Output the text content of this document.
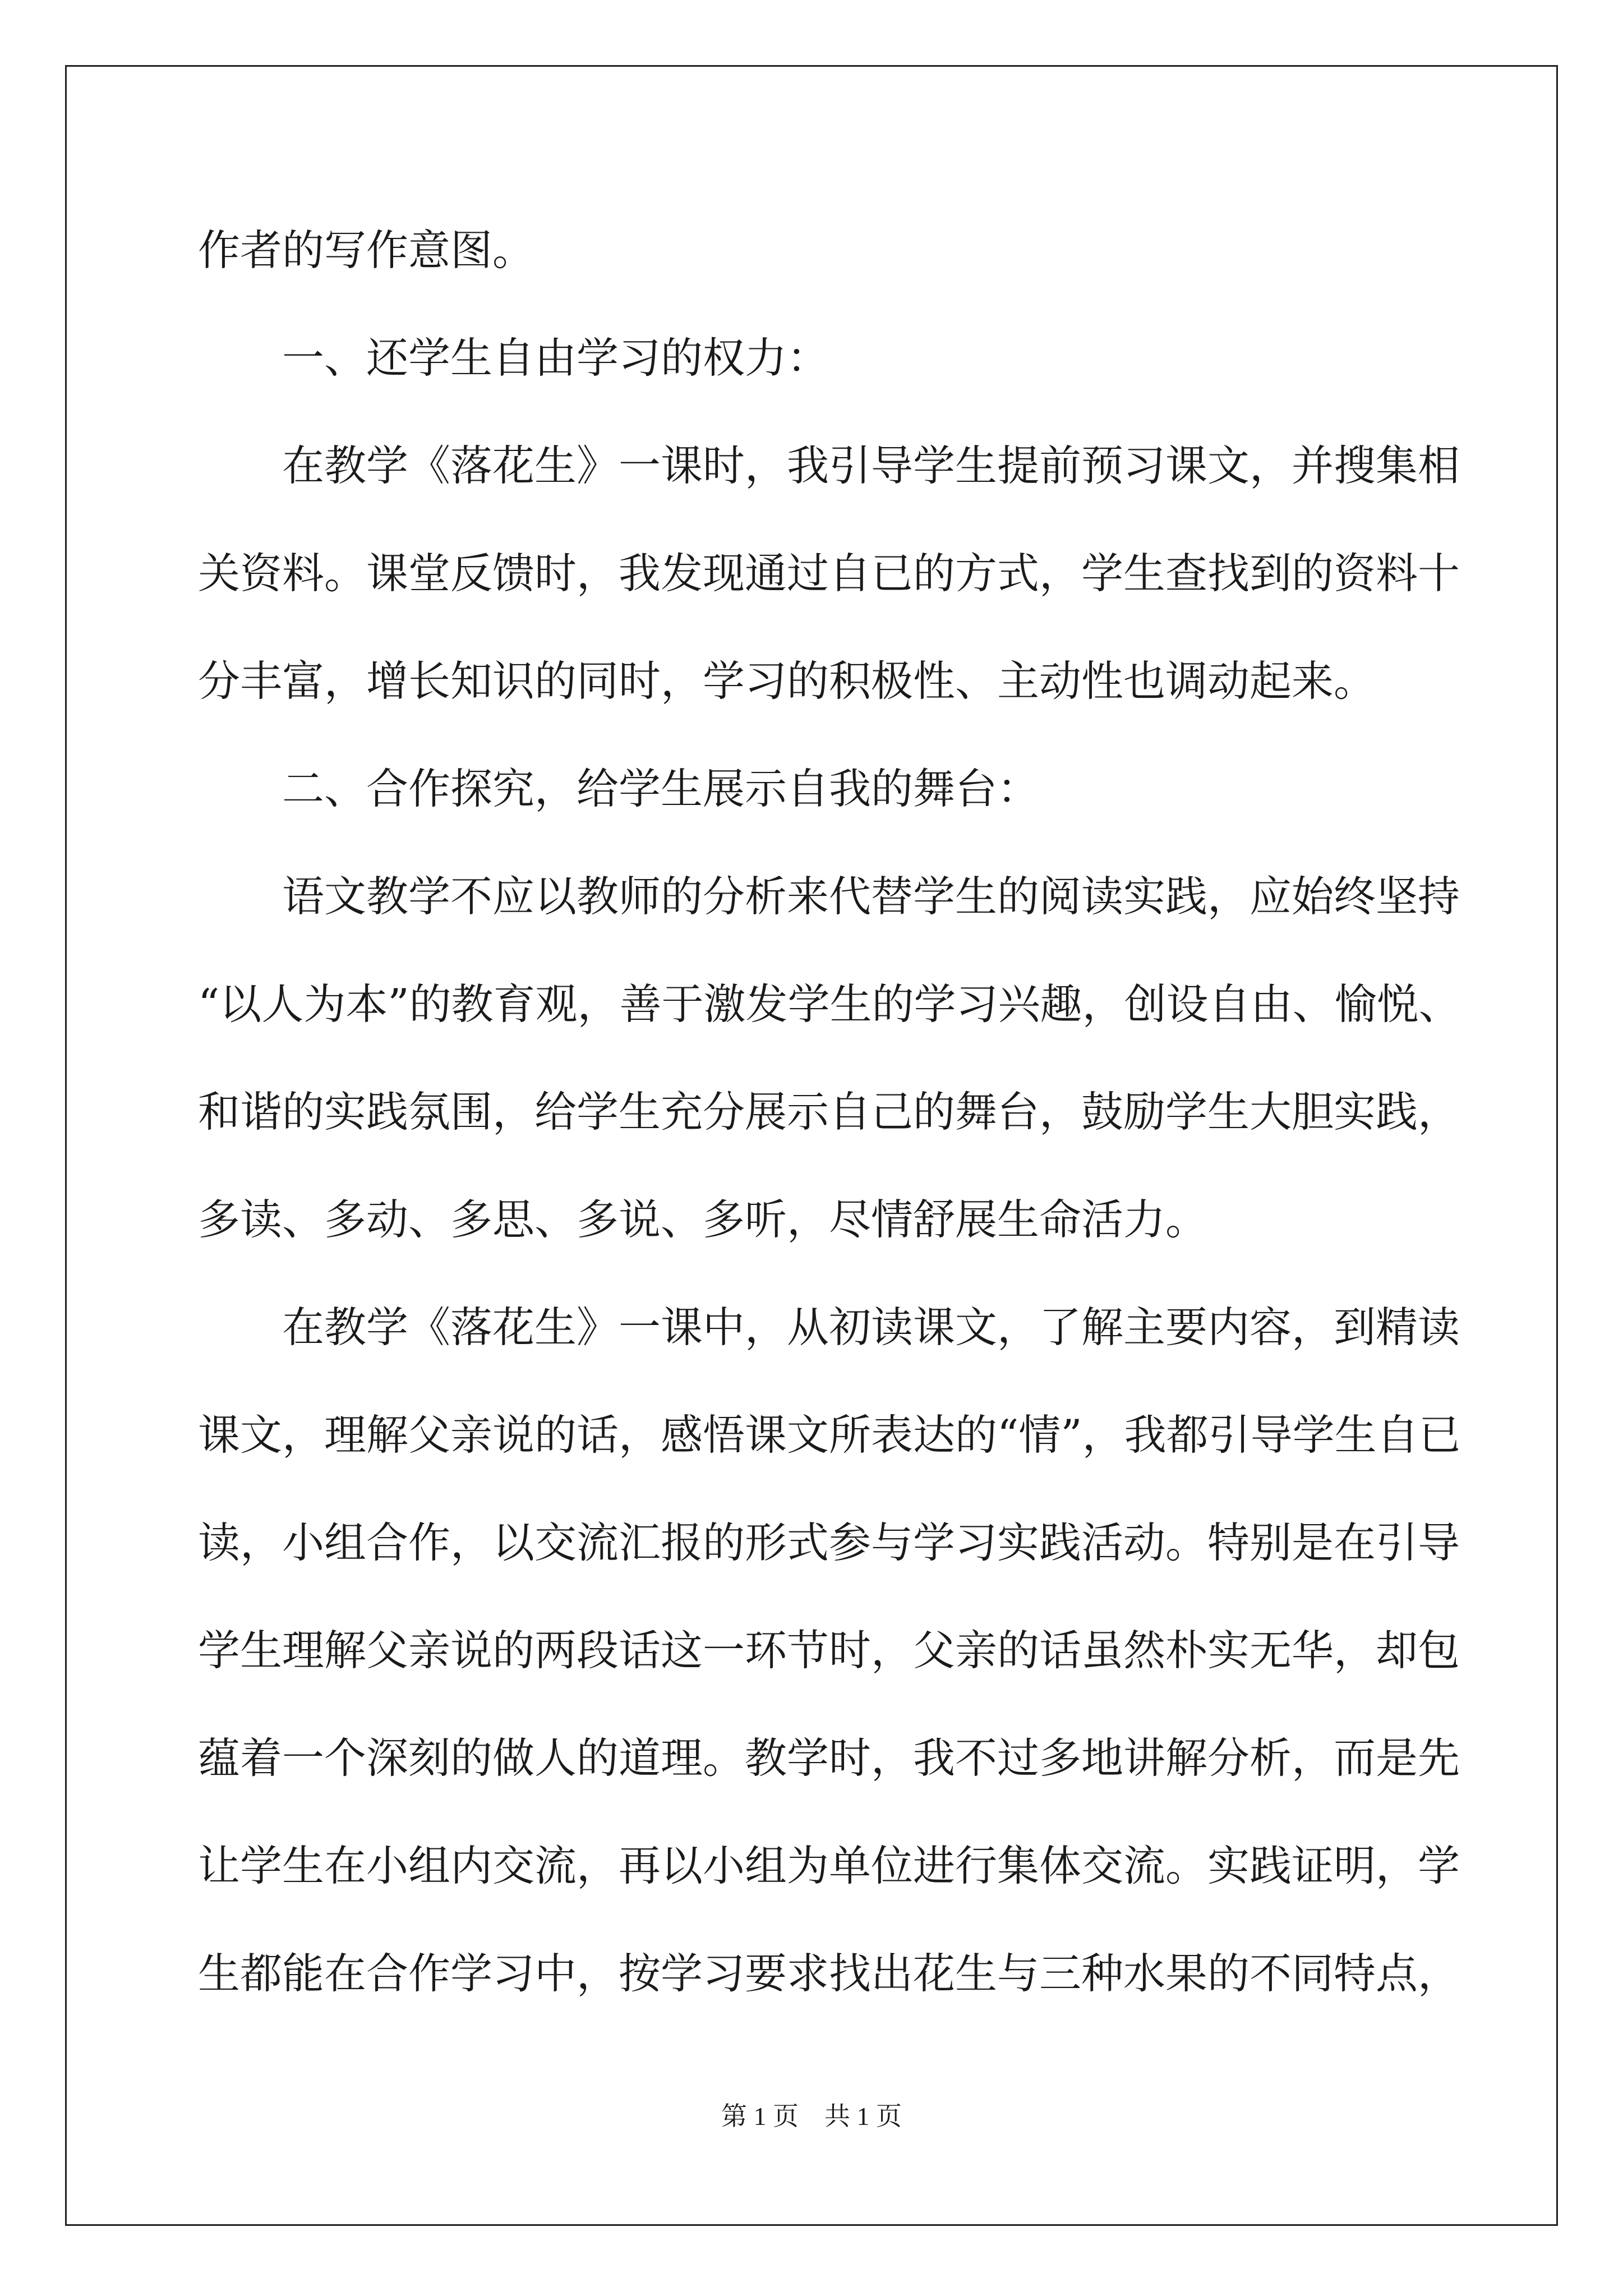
作者的写作意图。

一、还学生自由学习的权力：

在教学《落花生》一课时，我引导学生提前预习课文，并搜集相

关资料。课堂反馈时，我发现通过自已的方式，学生查找到的资料十

分丰富，增长知识的同时，学习的积极性、主动性也调动起来。

二、合作探究，给学生展示自我的舞台：

语文教学不应以教师的分析来代替学生的阅读实践，应始终坚持

“以人为本”的教育观，善于激发学生的学习兴趣，创设自由、愉悦、

和谐的实践氛围，给学生充分展示自己的舞台，鼓励学生大胆实践，

多读、多动、多思、多说、多听，尽情舒展生命活力。

在教学《落花生》一课中，从初读课文，了解主要内容，到精读

课文，理解父亲说的话，感悟课文所表达的“情”，我都引导学生自已

读，小组合作，以交流汇报的形式参与学习实践活动。特别是在引导

学生理解父亲说的两段话这一环节时，父亲的话虽然朴实无华，却包

蕴着一个深刻的做人的道理。教学时，我不过多地讲解分析，而是先

让学生在小组内交流，再以小组为单位进行集体交流。实践证明，学

生都能在合作学习中，按学习要求找出花生与三种水果的不同特点，

第 1 页 共 1 页
